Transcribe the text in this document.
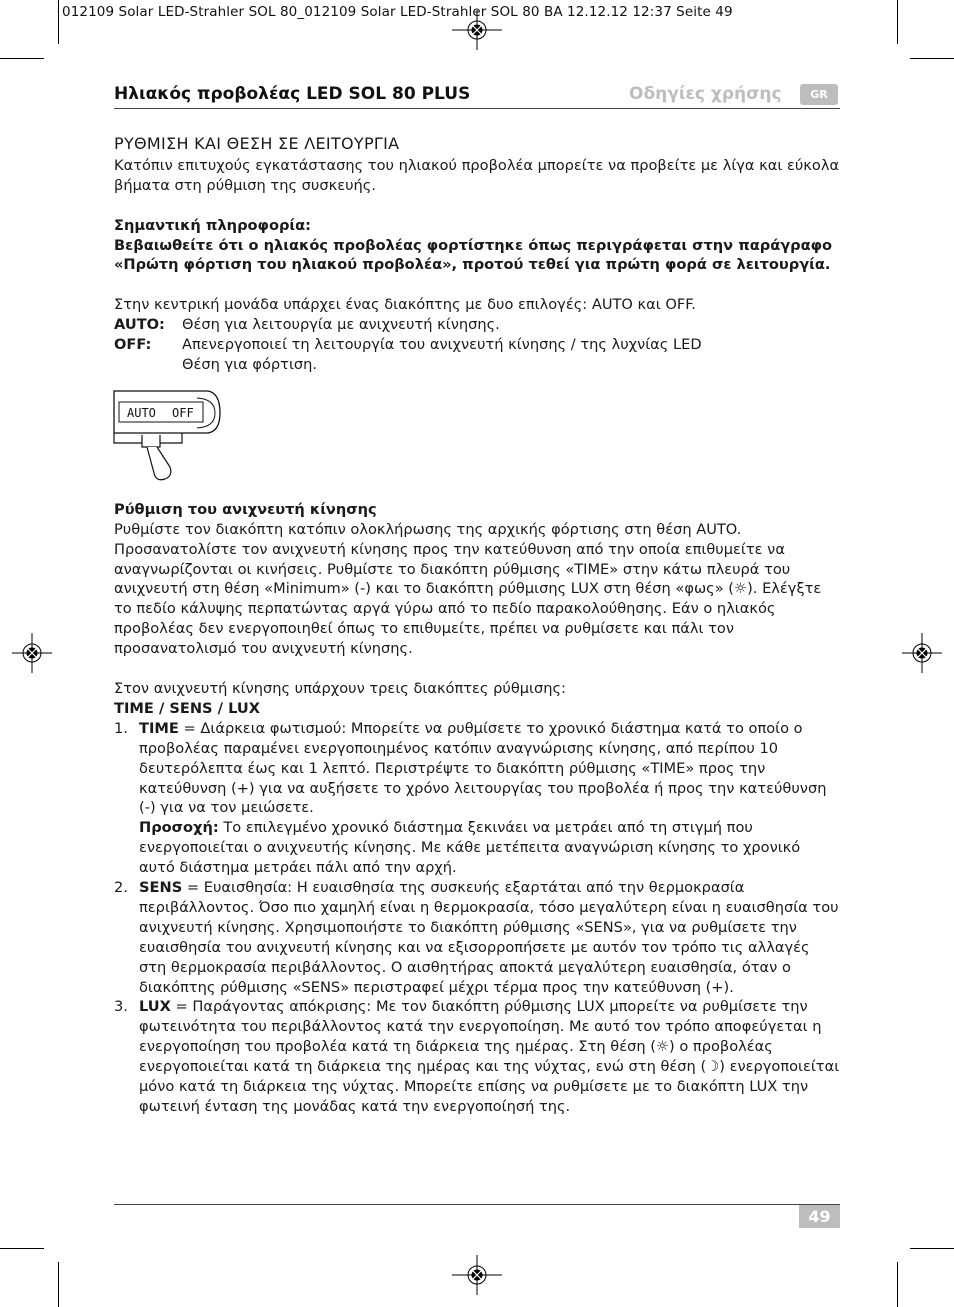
012109 Solar LED-Strahler SOL 80_012109 Solar LED-Strahler SOL 80 BA 12.12.12 12:37 Seite 49
Ηλιακός προβολέας LED SOL 80 PLUS	Οδηγίες χρήσης	GR

ΡΥΘΜΙΣΗ ΚΑΙ ΘΕΣΗ ΣΕ ΛΕΙΤΟΥΡΓΙΑ

Κατόπιν επιτυχούς εγκατάστασης του ηλιακού προβολέα μπορείτε να προβείτε με λίγα και εύκολα βήματα στη ρύθμιση της συσκευής.

Σημαντική πληροφορία:

Βεβαιωθείτε ότι ο ηλιακός προβολέας φορτίστηκε όπως περιγράφεται στην παράγραφο «Πρώτη φόρτιση του ηλιακού προβολέα», προτού τεθεί για πρώτη φορά σε λειτουργία.

Στην κεντρική μονάδα υπάρχει ένας διακόπτης με δυο επιλογές: AUTO και OFF.

AUTO:	Θέση για λειτουργία με ανιχνευτή κίνησης.
OFF:	Απενεργοποιεί τη λειτουργία του ανιχνευτή κίνησης / της λυχνίας LED

Θέση για φόρτιση.

AUTO OFF

Ρύθμιση του ανιχνευτή κίνησης

Ρυθμίστε τον διακόπτη κατόπιν ολοκλήρωσης της αρχικής φόρτισης στη θέση AUTO. Προσανατολίστε τον ανιχνευτή κίνησης προς την κατεύθυνση από την οποία επιθυμείτε να αναγνωρίζονται οι κινήσεις. Ρυθμίστε το διακόπτη ρύθμισης «TIME» στην κάτω πλευρά του ανιχνευτή στη θέση «Minimum» (-) και το διακόπτη ρύθμισης LUX στη θέση «φως» (☼). Ελέγξτε το πεδίο κάλυψης περπατώντας αργά γύρω από το πεδίο παρακολούθησης. Εάν ο ηλιακός προβολέας δεν ενεργοποιηθεί όπως το επιθυμείτε, πρέπει να ρυθμίσετε και πάλι τον προσανατολισμό του ανιχνευτή κίνησης.

Στον ανιχνευτή κίνησης υπάρχουν τρεις διακόπτες ρύθμισης:

TIME / SENS / LUX

1. TIME = Διάρκεια φωτισμού: Μπορείτε να ρυθμίσετε το χρονικό διάστημα κατά το οποίο ο προβολέας παραμένει ενεργοποιημένος κατόπιν αναγνώρισης κίνησης, από περίπου 10 δευτερόλεπτα έως και 1 λεπτό. Περιστρέψτε το διακόπτη ρύθμισης «TIME» προς την κατεύθυνση (+) για να αυξήσετε το χρόνο λειτουργίας του προβολέα ή προς την κατεύθυνση (-) για να τον μειώσετε.

Προσοχή: Το επιλεγμένο χρονικό διάστημα ξεκινάει να μετράει από τη στιγμή που ενεργοποιείται ο ανιχνευτής κίνησης. Με κάθε μετέπειτα αναγνώριση κίνησης το χρονικό αυτό διάστημα μετράει πάλι από την αρχή.

2. SENS = Ευαισθησία: Η ευαισθησία της συσκευής εξαρτάται από την θερμοκρασία περιβάλλοντος. Όσο πιο χαμηλή είναι η θερμοκρασία, τόσο μεγαλύτερη είναι η ευαισθησία του ανιχνευτή κίνησης. Χρησιμοποιήστε το διακόπτη ρύθμισης «SENS», για να ρυθμίσετε την ευαισθησία του ανιχνευτή κίνησης και να εξισορροπήσετε με αυτόν τον τρόπο τις αλλαγές στη θερμοκρασία περιβάλλοντος. Ο αισθητήρας αποκτά μεγαλύτερη ευαισθησία, όταν ο διακόπτης ρύθμισης «SENS» περιστραφεί μέχρι τέρμα προς την κατεύθυνση (+).

3. LUX = Παράγοντας απόκρισης: Με τον διακόπτη ρύθμισης LUX μπορείτε να ρυθμίσετε την φωτεινότητα του περιβάλλοντος κατά την ενεργοποίηση. Με αυτό τον τρόπο αποφεύγεται η ενεργοποίηση του προβολέα κατά τη διάρκεια της ημέρας. Στη θέση (☼) ο προβολέας ενεργοποιείται κατά τη διάρκεια της ημέρας και της νύχτας, ενώ στη θέση (☽) ενεργοποιείται μόνο κατά τη διάρκεια της νύχτας. Μπορείτε επίσης να ρυθμίσετε με το διακόπτη LUX την φωτεινή ένταση της μονάδας κατά την ενεργοποίησή της.

49
